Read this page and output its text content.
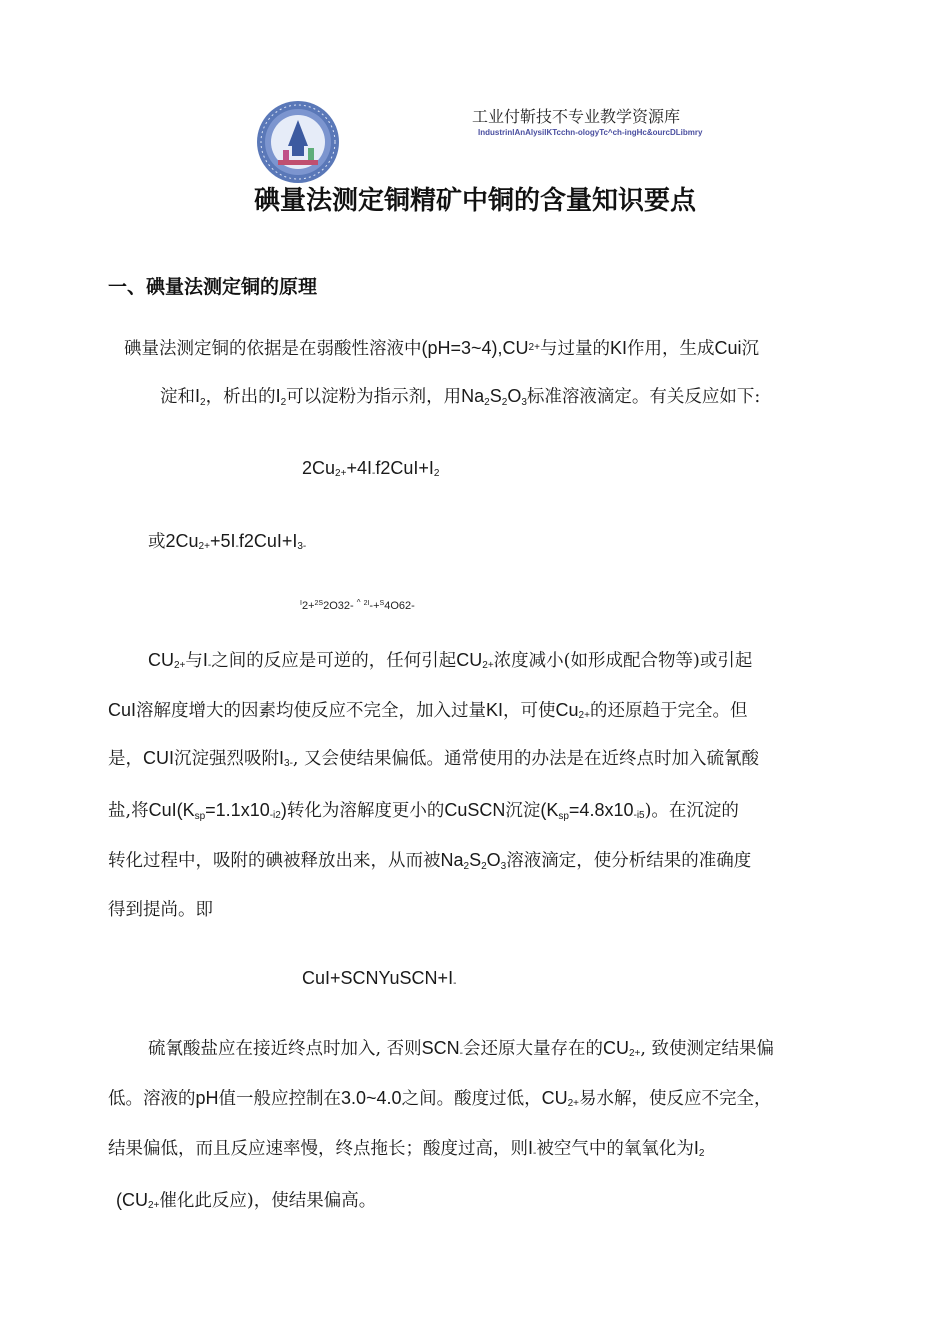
工业付靳技不专业教学资源库
IndustrinlAnAlysilKTcchn-ologyTc^ch-ingHc&ourcDLibmry
碘量法测定铜精矿中铜的含量知识要点
一、碘量法测定铜的原理
碘量法测定铜的依据是在弱酸性溶液中$(pH=3\sim 4),CU^{2+}$与过量的KI作用，生成Cui沉
淀和$I_2$，析出的$I_2$可以淀粉为指示剂，用$Na_2S_2O_3$标准溶液滴定。有关反应如下:
2Cu2++4I-f2CuI+I2
或2Cu2++5I-f2CuI+I3-
$^I$2+$^{2S}$2O32- ^ $^{2I}$-+$^S$4O62-
CU2+与I-之间的反应是可逆的，任何引起CU2+浓度减小(如形成配合物等)或引起
CuI溶解度增大的因素均使反应不完全，加入过量KI，可使Cu2+的还原趋于完全。但
是，CUI沉淀强烈吸附I3-, 又会使结果偏低。通常使用的办法是在近终点时加入硫氰酸
盐,将$CuI(K_{sp}=1.1x10-i2)$转化为溶解度更小的CuSCN沉淀$(K_{sp}=4.8x10-i5)$。在沉淀的
转化过程中，吸附的碘被释放出来，从而被$Na_2S_2O_3$溶液滴定，使分析结果的准确度
得到提尚。即
CuI+SCNYuSCN+I-
硫氰酸盐应在接近终点时加入, 否则SCN-会还原大量存在的CU2+, 致使测定结果偏
低。溶液的pH值一般应控制在3.0~4.0之间。酸度过低，CU2+易水解，使反应不完全，
结果偏低，而且反应速率慢，终点拖长；酸度过高，则I-被空气中的氧氧化为I2
(CU2+催化此反应)，使结果偏高。
